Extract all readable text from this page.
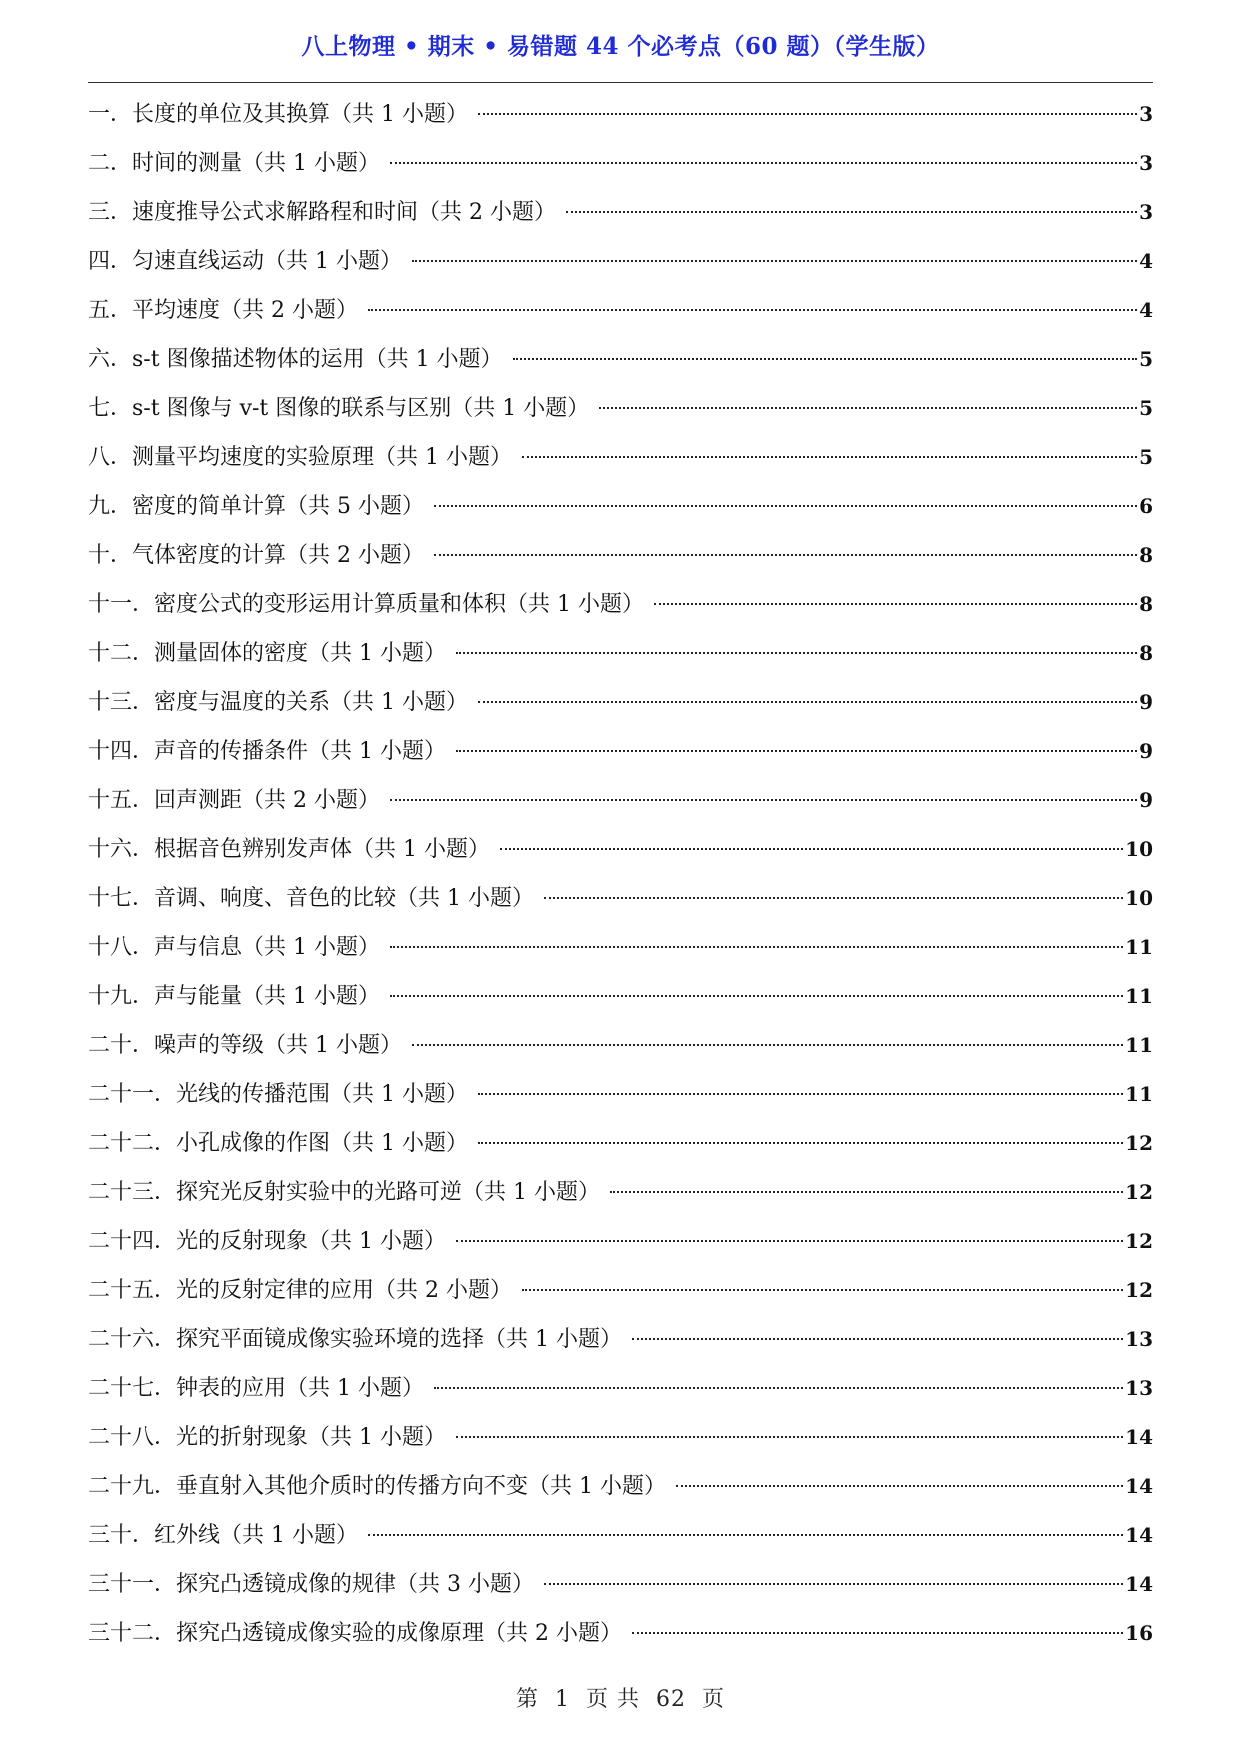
八上物理 • 期末 • 易错题 44 个必考点（60 题）（学生版）
一． 长度的单位及其换算（共 1 小题）	3
二． 时间的测量（共 1 小题）	3
三． 速度推导公式求解路程和时间（共 2 小题）	3
四． 匀速直线运动（共 1 小题）	4
五． 平均速度（共 2 小题）	4
六． s-t 图像描述物体的运用（共 1 小题）	5
七． s-t 图像与 v-t 图像的联系与区别（共 1 小题）	5
八． 测量平均速度的实验原理（共 1 小题）	5
九． 密度的简单计算（共 5 小题）	6
十． 气体密度的计算（共 2 小题）	8
十一． 密度公式的变形运用计算质量和体积（共 1 小题）	8
十二． 测量固体的密度（共 1 小题）	8
十三． 密度与温度的关系（共 1 小题）	9
十四． 声音的传播条件（共 1 小题）	9
十五． 回声测距（共 2 小题）	9
十六． 根据音色辨别发声体（共 1 小题）	10
十七． 音调、响度、音色的比较（共 1 小题）	10
十八． 声与信息（共 1 小题）	11
十九． 声与能量（共 1 小题）	11
二十． 噪声的等级（共 1 小题）	11
二十一． 光线的传播范围（共 1 小题）	11
二十二． 小孔成像的作图（共 1 小题）	12
二十三． 探究光反射实验中的光路可逆（共 1 小题）	12
二十四． 光的反射现象（共 1 小题）	12
二十五． 光的反射定律的应用（共 2 小题）	12
二十六． 探究平面镜成像实验环境的选择（共 1 小题）	13
二十七． 钟表的应用（共 1 小题）	13
二十八． 光的折射现象（共 1 小题）	14
二十九． 垂直射入其他介质时的传播方向不变（共 1 小题）	14
三十． 红外线（共 1 小题）	14
三十一． 探究凸透镜成像的规律（共 3 小题）	14
三十二． 探究凸透镜成像实验的成像原理（共 2 小题）	16
第 1 页 共 62 页
